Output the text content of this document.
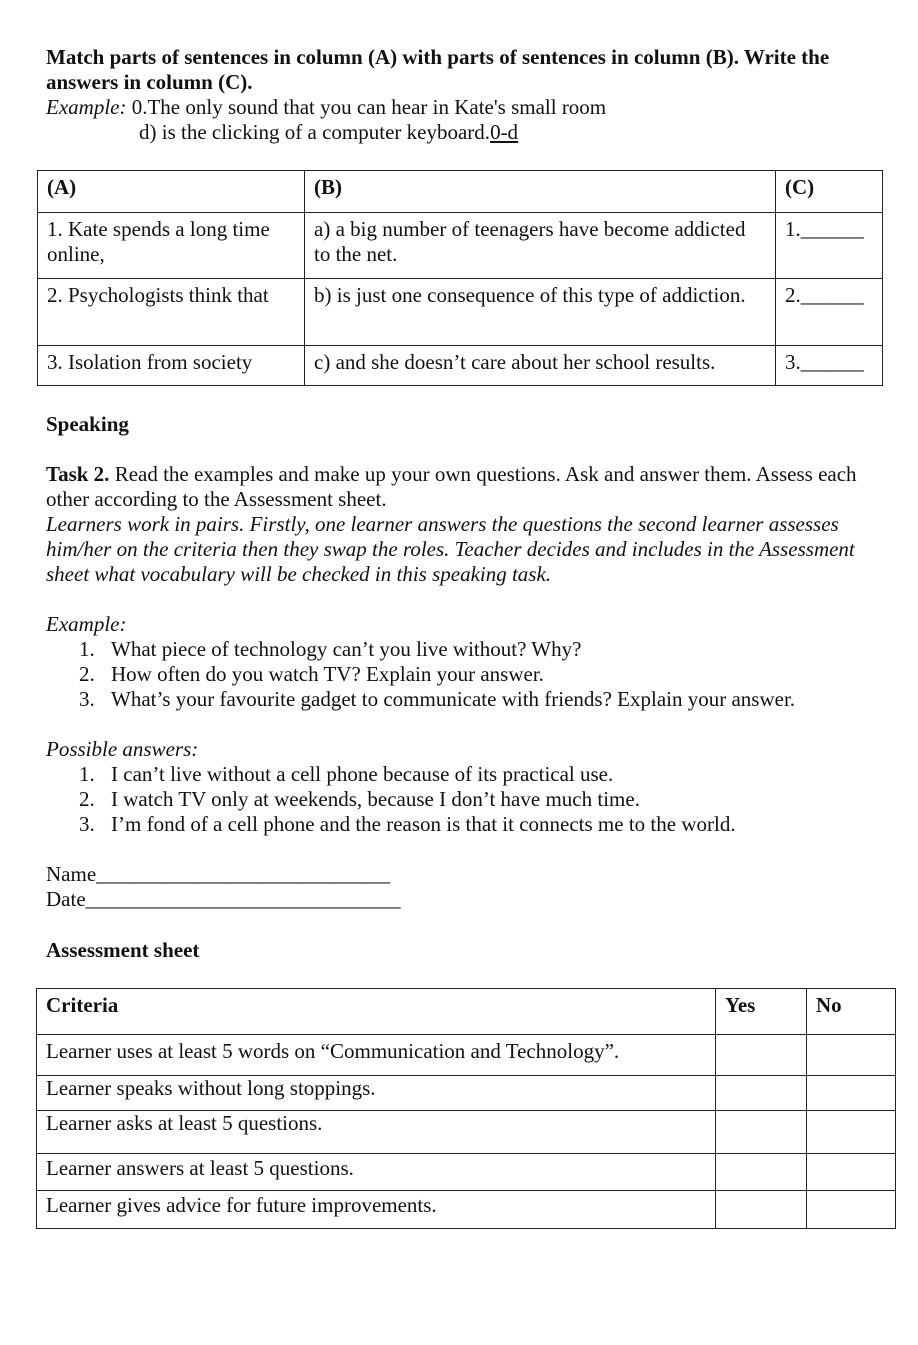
Match parts of sentences in column (A) with parts of sentences in column (B). Write the
answers in column (C).
Example: 0.The only sound that you can hear in Kate's small room
d) is the clicking of a computer keyboard.0-d
(A)	(B)	(C)
1. Kate spends a long time online,	a) a big number of teenagers have become addicted to the net.	1.______
2. Psychologists think that	b) is just one consequence of this type of addiction.	2.______
3. Isolation from society	c) and she doesn’t care about her school results.	3.______
Speaking
Task 2. Read the examples and make up your own questions. Ask and answer them. Assess each
other according to the Assessment sheet.
Learners work in pairs. Firstly, one learner answers the questions the second learner assesses
him/her on the criteria then they swap the roles. Teacher decides and includes in the Assessment
sheet what vocabulary will be checked in this speaking task.
Example:
1. What piece of technology can’t you live without? Why?
2. How often do you watch TV? Explain your answer.
3. What’s your favourite gadget to communicate with friends? Explain your answer.
Possible answers:
1. I can’t live without a cell phone because of its practical use.
2. I watch TV only at weekends, because I don’t have much time.
3. I’m fond of a cell phone and the reason is that it connects me to the world.
Name____________________________
Date______________________________
Assessment sheet
Criteria	Yes	No
Learner uses at least 5 words on “Communication and Technology”.		
Learner speaks without long stoppings.		
Learner asks at least 5 questions.		
Learner answers at least 5 questions.		
Learner gives advice for future improvements.		
